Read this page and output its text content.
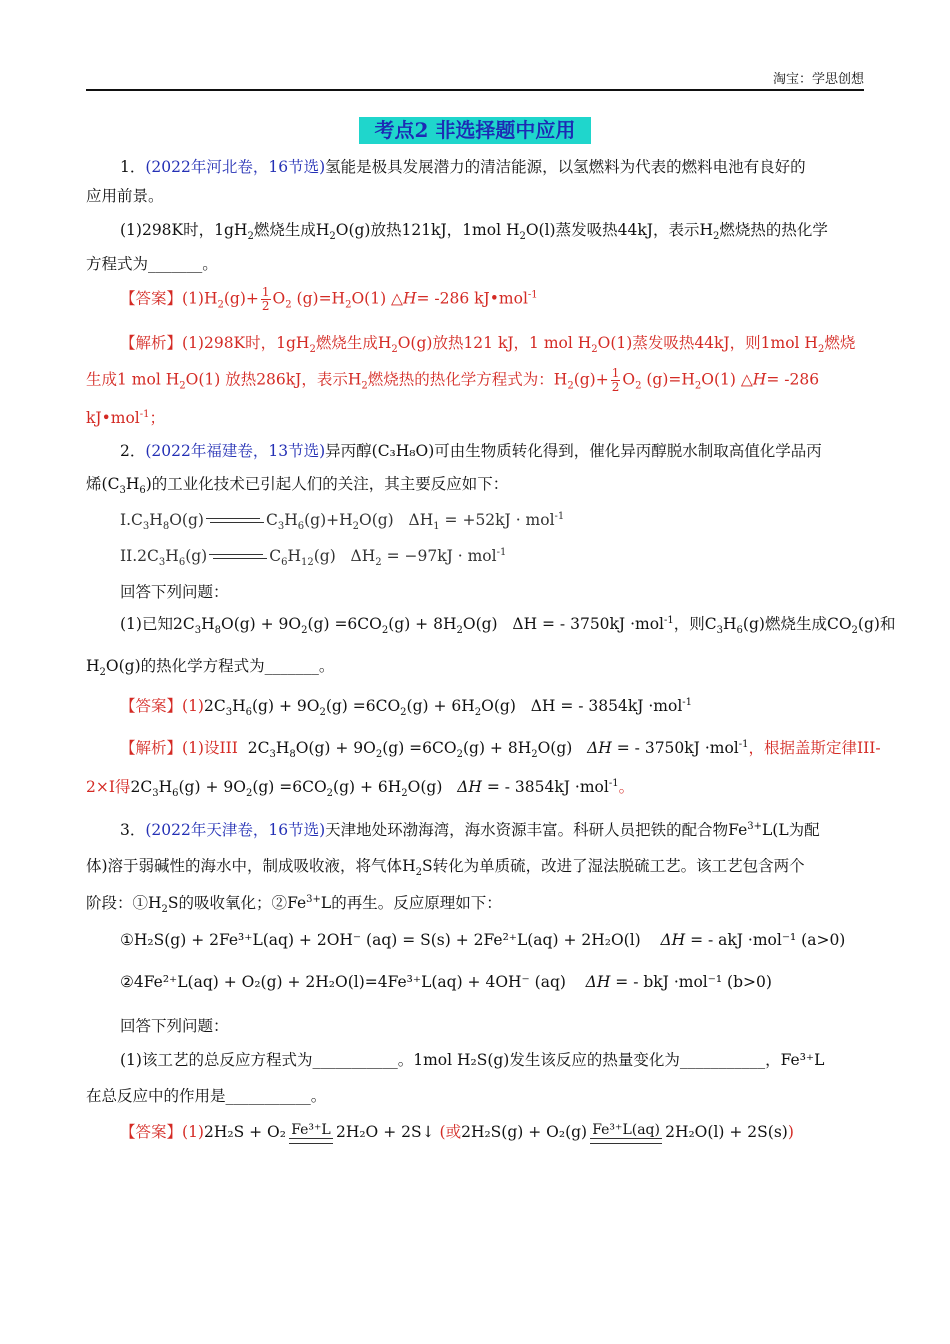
淘宝：学思创想
考点2 非选择题中应用
1．(2022年河北卷，16节选)氢能是极具发展潜力的清洁能源，以氢燃料为代表的燃料电池有良好的
应用前景。
(1)298K时，$1gH_2$燃烧生成$H_2O(g)$放热121kJ，1mol $H_2O(l)$蒸发吸热44kJ，表示$H_2$燃烧热的热化学
方程式为_______。
【答案】$(1)H_2(g)+ \frac{1}{2} O_2$ $(g)=H_2O(1)$ △H= -286 kJ•mol$^{-1}$
【解析】(1)298K时，$1gH_2$燃烧生成$H_2O(g)$放热121 kJ，1 mol $H_2O(1)$蒸发吸热44kJ，则1mol $H_2$燃烧
生成1 mol $H_2O(1)$ 放热286kJ，表示$H_2$燃烧热的热化学方程式为：$H_2(g)+ \frac{1}{2} O_2$ $(g)=H_2O(1)$ △H= -286
kJ•mol$^{-1}$；
2．(2022年福建卷，13节选)异丙醇(C₃H₈O)可由生物质转化得到，催化异丙醇脱水制取高值化学品丙
烯$(C_3H_6)$的工业化技术已引起人们的关注，其主要反应如下：
$I.C_3H_8O(g)$	$C_3H_6(g)+H_2O(g) \Delta H_1 = +52kJ \cdot mol^{-1}$
$II.2C_3H_6(g)$	$C_6H_{12}(g) \Delta H_2 = -97kJ \cdot mol^{-1}$
回答下列问题：
(1)已知$2C_3H_8O(g) + 9O_2(g) =6CO_2(g) + 8H_2O(g) \Delta H$ = - 3750kJ ·mol$^{-1}$，则$C_3H_6(g)$燃烧生成$CO_2(g)$和
$H_2O(g)$的热化学方程式为_______。
【答案】$(1)2C_3H_6(g) + 9O_2(g) =6CO_2(g) + 6H_2O(g) \Delta H$ = - 3854kJ ·mol$^{-1}$
【解析】(1)设III $2C_3H_8O(g) + 9O_2(g) =6CO_2(g) + 8H_2O(g) \Delta H$ = - 3750kJ ·mol$^{-1}$，根据盖斯定律III-
2×I得$2C_3H_6(g) + 9O_2(g) =6CO_2(g) + 6H_2O(g) \Delta H$ = - 3854kJ ·mol$^{-1}$。
3．(2022年天津卷，16节选)天津地处环渤海湾，海水资源丰富。科研人员把铁的配合物$Fe^{3+}L(L$为配
体)溶于弱碱性的海水中，制成吸收液，将气体$H_2S$转化为单质硫，改进了湿法脱硫工艺。该工艺包含两个
阶段：$①H_2S$的吸收氧化；$②Fe^{3+}L$的再生。反应原理如下：
①H₂S(g) + 2Fe³⁺L(aq) + 2OH⁻ (aq) = S(s) + 2Fe²⁺L(aq) + 2H₂O(l) ΔH = - akJ ·mol⁻¹ (a>0)
②4Fe²⁺L(aq) + O₂(g) + 2H₂O(l)=4Fe³⁺L(aq) + 4OH⁻ (aq) ΔH = - bkJ ·mol⁻¹ (b>0)
回答下列问题：
(1)该工艺的总反应方程式为___________。1mol H₂S(g)发生该反应的热量变化为___________，Fe³⁺L
在总反应中的作用是___________。
【答案】(1)2H₂S + O₂ Fe³⁺L 2H₂O + 2S↓ (或2H₂S(g) + O₂(g) Fe³⁺L(aq) 2H₂O(l) + 2S(s))
